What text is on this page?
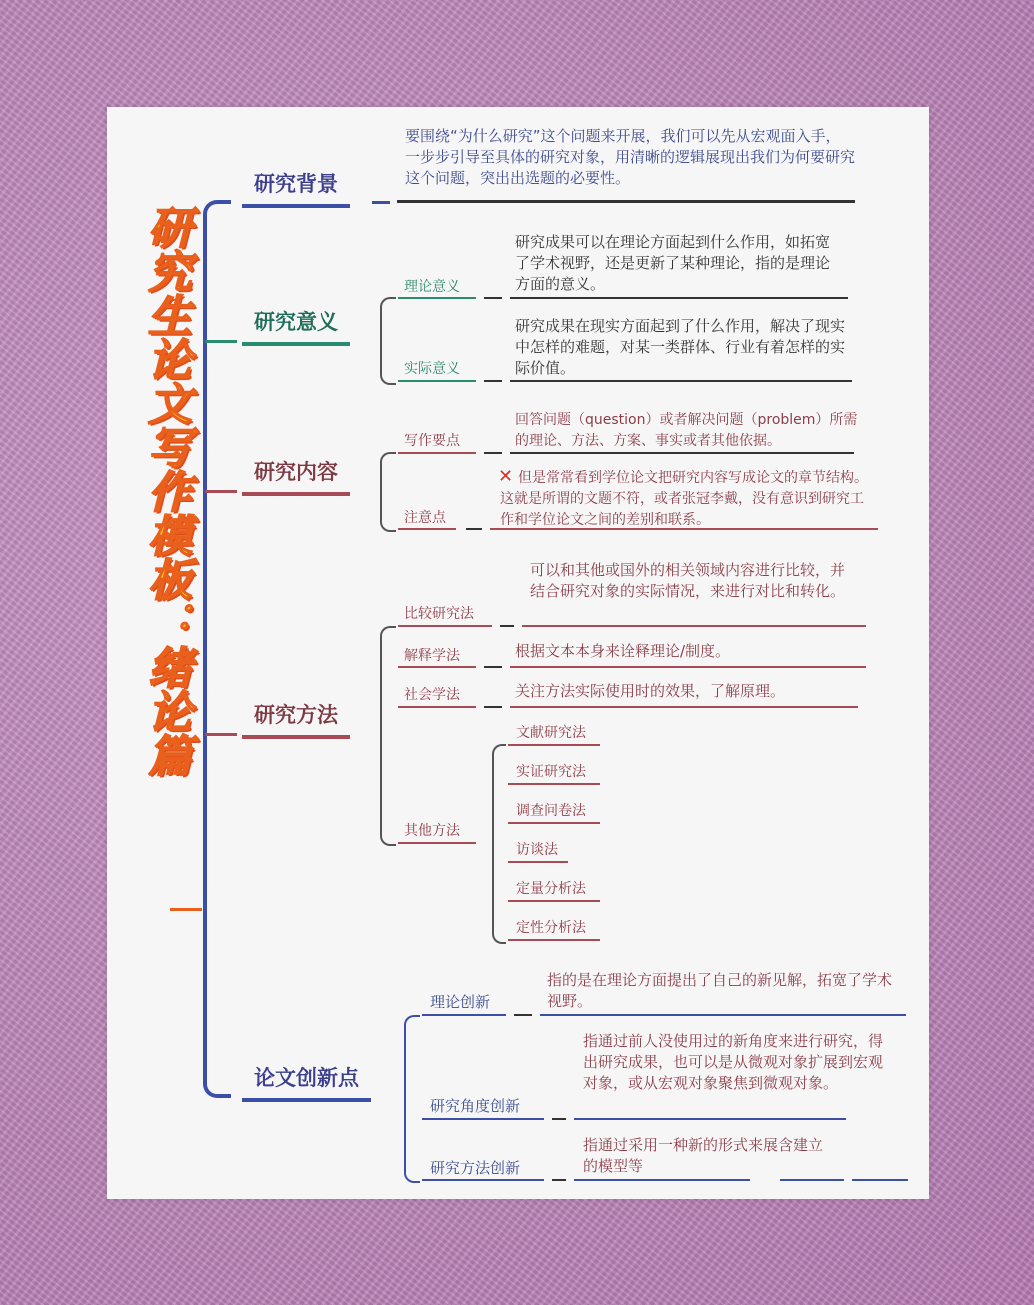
研究生论文写作模板：绪论篇
研究背景
要围绕“为什么研究”这个问题来开展，我们可以先从宏观面入手，一步步引导至具体的研究对象，用清晰的逻辑展现出我们为何要研究这个问题，突出出选题的必要性。
研究意义
理论意义
研究成果可以在理论方面起到什么作用，如拓宽了学术视野，还是更新了某种理论，指的是理论方面的意义。
实际意义
研究成果在现实方面起到了什么作用，解决了现实中怎样的难题，对某一类群体、行业有着怎样的实际价值。
研究内容
写作要点
回答问题（question）或者解决问题（problem）所需的理论、方法、方案、事实或者其他依据。
注意点
✕ 但是常常看到学位论文把研究内容写成论文的章节结构。这就是所谓的文题不符，或者张冠李戴，没有意识到研究工作和学位论文之间的差别和联系。
研究方法
比较研究法
可以和其他或国外的相关领域内容进行比较，并结合研究对象的实际情况，来进行对比和转化。
解释学法	根据文本本身来诠释理论/制度。
社会学法	关注方法实际使用时的效果，了解原理。
其他方法
文献研究法
实证研究法
调查问卷法
访谈法
定量分析法
定性分析法
论文创新点
理论创新
指的是在理论方面提出了自己的新见解，拓宽了学术视野。
研究角度创新
指通过前人没使用过的新角度来进行研究，得出研究成果，也可以是从微观对象扩展到宏观对象，或从宏观对象聚焦到微观对象。
研究方法创新
指通过采用一种新的形式来展含建立的模型等
